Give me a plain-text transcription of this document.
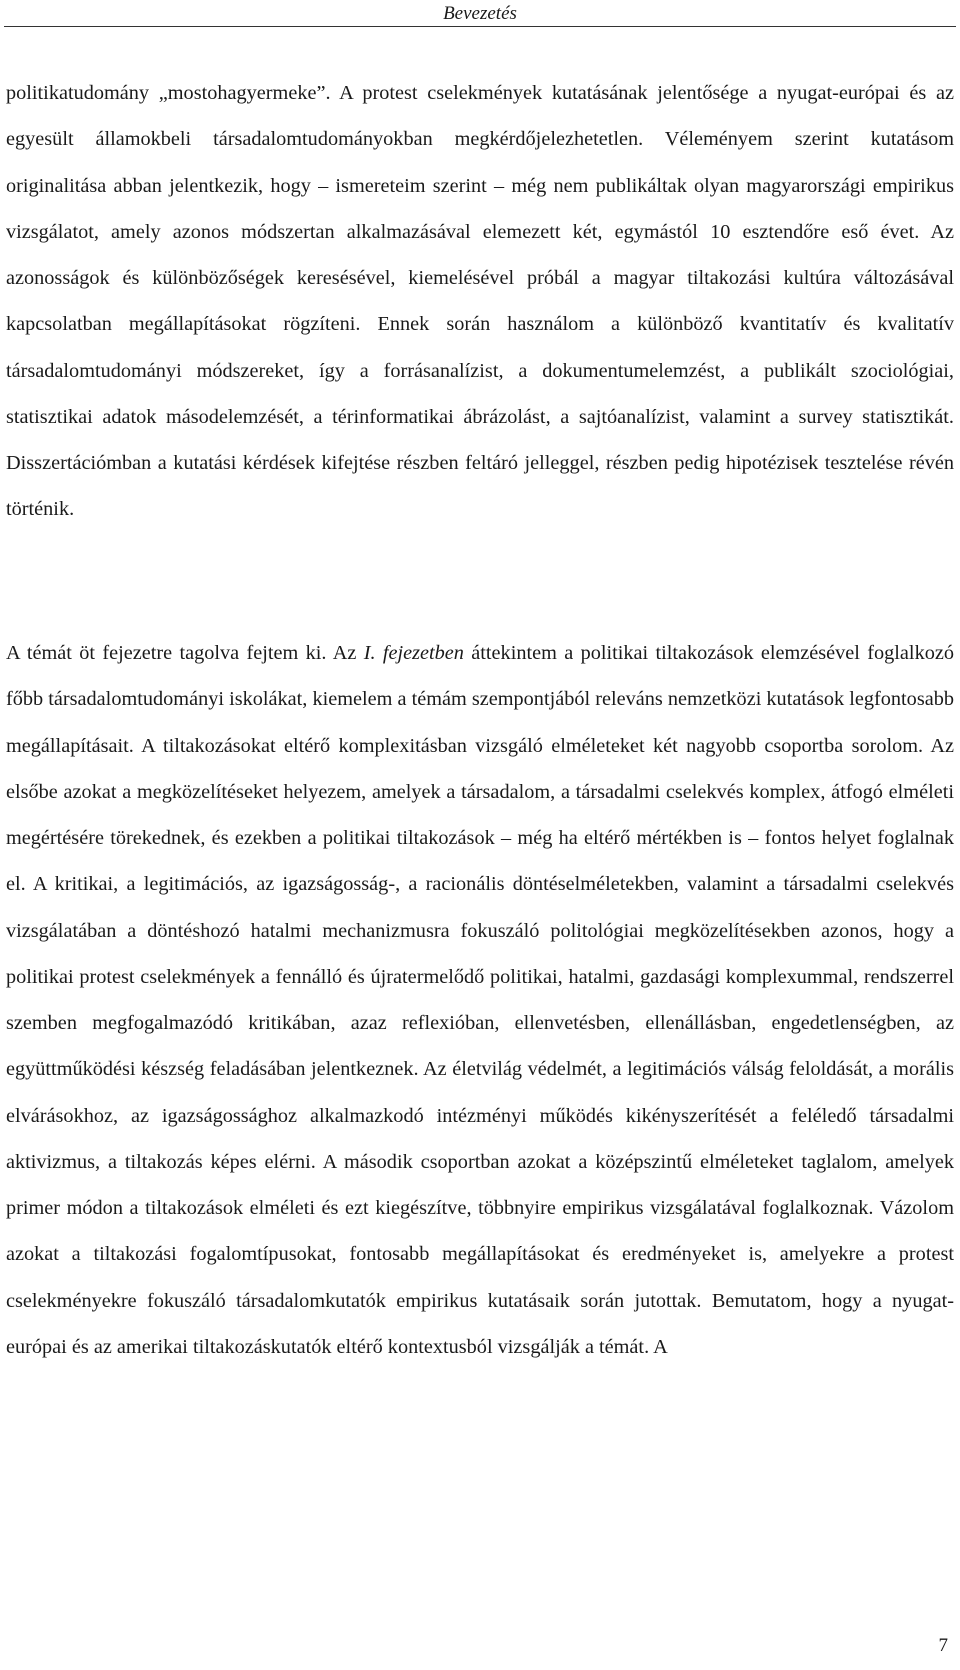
Bevezetés

politikatudomány „mostohagyermeke”. A protest cselekmények kutatásának jelentősége a nyugat-európai és az egyesült államokbeli társadalomtudományokban megkérdőjelezhetetlen. Véleményem szerint kutatásom originalitása abban jelentkezik, hogy – ismereteim szerint – még nem publikáltak olyan magyarországi empirikus vizsgálatot, amely azonos módszertan alkalmazásával elemezett két, egymástól 10 esztendőre eső évet. Az azonosságok és különbözőségek keresésével, kiemelésével próbál a magyar tiltakozási kultúra változásával kapcsolatban megállapításokat rögzíteni. Ennek során használom a különböző kvantitatív és kvalitatív társadalomtudományi módszereket, így a forrásanalízist, a dokumentumelemzést, a publikált szociológiai, statisztikai adatok másodelemzését, a térinformatikai ábrázolást, a sajtóanalízist, valamint a survey statisztikát. Disszertációmban a kutatási kérdések kifejtése részben feltáró jelleggel, részben pedig hipotézisek tesztelése révén történik.

A témát öt fejezetre tagolva fejtem ki. Az I. fejezetben áttekintem a politikai tiltakozások elemzésével foglalkozó főbb társadalomtudományi iskolákat, kiemelem a témám szempontjából releváns nemzetközi kutatások legfontosabb megállapításait. A tiltakozásokat eltérő komplexitásban vizsgáló elméleteket két nagyobb csoportba sorolom. Az elsőbe azokat a megközelítéseket helyezem, amelyek a társadalom, a társadalmi cselekvés komplex, átfogó elméleti megértésére törekednek, és ezekben a politikai tiltakozások – még ha eltérő mértékben is – fontos helyet foglalnak el. A kritikai, a legitimációs, az igazságosság-, a racionális döntéselméletekben, valamint a társadalmi cselekvés vizsgálatában a döntéshozó hatalmi mechanizmusra fokuszáló politológiai megközelítésekben azonos, hogy a politikai protest cselekmények a fennálló és újratermelődő politikai, hatalmi, gazdasági komplexummal, rendszerrel szemben megfogalmazódó kritikában, azaz reflexióban, ellenvetésben, ellenállásban, engedetlenségben, az együttműködési készség feladásában jelentkeznek. Az életvilág védelmét, a legitimációs válság feloldását, a morális elvárásokhoz, az igazságossághoz alkalmazkodó intézményi működés kikényszerítését a feléledő társadalmi aktivizmus, a tiltakozás képes elérni. A második csoportban azokat a középszintű elméleteket taglalom, amelyek primer módon a tiltakozások elméleti és ezt kiegészítve, többnyire empirikus vizsgálatával foglalkoznak. Vázolom azokat a tiltakozási fogalomtípusokat, fontosabb megállapításokat és eredményeket is, amelyekre a protest cselekményekre fokuszáló társadalomkutatók empirikus kutatásaik során jutottak. Bemutatom, hogy a nyugat-európai és az amerikai tiltakozáskutatók eltérő kontextusból vizsgálják a témát. A

7
